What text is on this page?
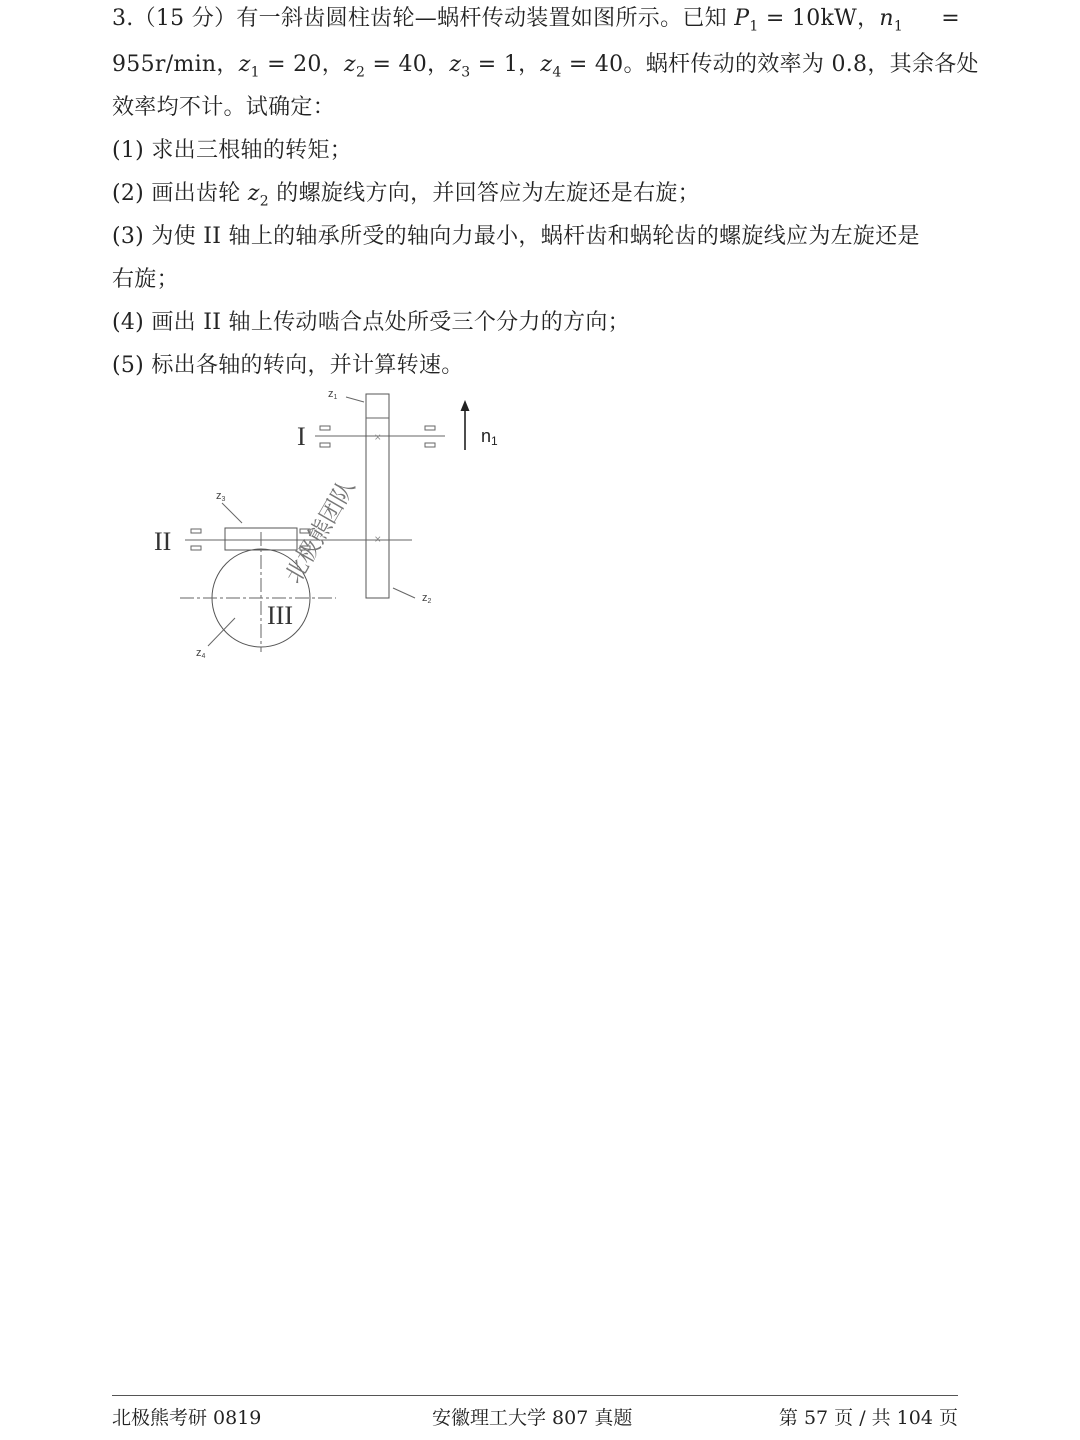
3.（15 分）有一斜齿圆柱齿轮—蜗杆传动装置如图所示。已知 $P_1 = 10kW$，$n_1$ =
955r/min，$z_1 = 20$，$z_2 = 40$，$z_3 = 1$，$z_4 = 40$。蜗杆传动的效率为 0.8，其余各处
效率均不计。试确定：
(1) 求出三根轴的转矩；
(2) 画出齿轮 $z_2$ 的螺旋线方向，并回答应为左旋还是右旋；
(3) 为使 II 轴上的轴承所受的轴向力最小，蜗杆齿和蜗轮齿的螺旋线应为左旋还是
右旋；
(4) 画出 II 轴上传动啮合点处所受三个分力的方向；
(5) 标出各轴的转向，并计算转速。
×
×
I
II
III
z1
z3
z2
z4
n1
北极熊团队
北极熊考研 0819	安徽理工大学 807 真题	第 57 页 / 共 104 页
